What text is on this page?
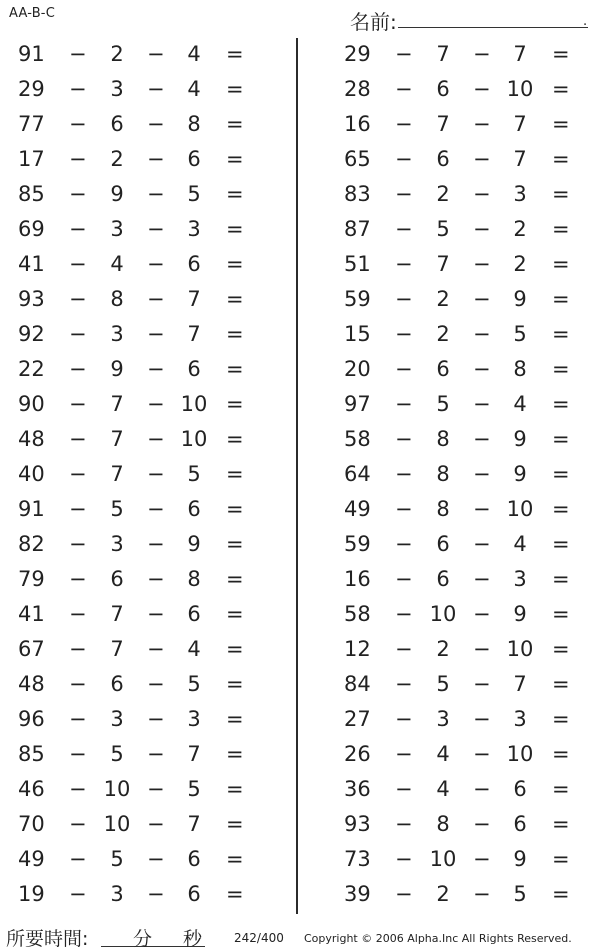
AA-B-C	名前:	.
91 −	2	−	4	=
29 −	3	−	4	=
77 −	6	−	8	=
17 −	2	−	6	=
85 −	9	−	5	=
69 −	3	−	3	=
41 −	4	−	6	=
93 −	8	−	7	=
92 −	3	−	7	=
22 −	9	−	6	=
90 −	7	− 10 =
48 −	7	− 10 =
40 −	7	−	5	=
91 −	5	−	6	=
82 −	3	−	9	=
79 −	6	−	8	=
41 −	7	−	6	=
67 −	7	−	4	=
48 −	6	−	5	=
96 −	3	−	3	=
85 −	5	−	7	=
46 − 10 −	5	=
70 − 10 −	7	=
49 −	5	−	6	=
19 −	3	−	6	=
29 −	7	−	7	=
28 −	6	− 10 =
16 −	7	−	7	=
65 −	6	−	7	=
83 −	2	−	3	=
87 −	5	−	2	=
51 −	7	−	2	=
59 −	2	−	9	=
15 −	2	−	5	=
20 −	6	−	8	=
97 −	5	−	4	=
58 −	8	−	9	=
64 −	8	−	9	=
49 −	8	− 10 =
59 −	6	−	4	=
16 −	6	−	3	=
58 − 10 −	9	=
12 −	2	− 10 =
84 −	5	−	7	=
27 −	3	−	3	=
26 −	4	− 10 =
36 −	4	−	6	=
93 −	8	−	6	=
73 − 10 −	9	=
39 −	2	−	5	=
所要時間: 分 秒	242/400 Copyright © 2006 Alpha.Inc All Rights Reserved.
